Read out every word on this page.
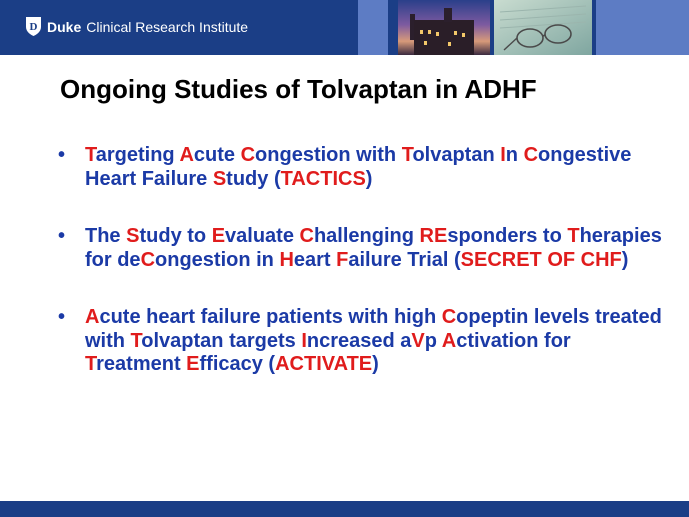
D Duke Clinical Research Institute
Ongoing Studies of Tolvaptan in ADHF
• Targeting Acute Congestion with Tolvaptan In Congestive Heart Failure Study (TACTICS)
• The Study to Evaluate Challenging REsponders to Therapies for deCongestion in Heart Failure Trial (SECRET OF CHF)
• Acute heart failure patients with high Copeptin levels treated with Tolvaptan targets Increased aVp Activation for Treatment Efficacy (ACTIVATE)
